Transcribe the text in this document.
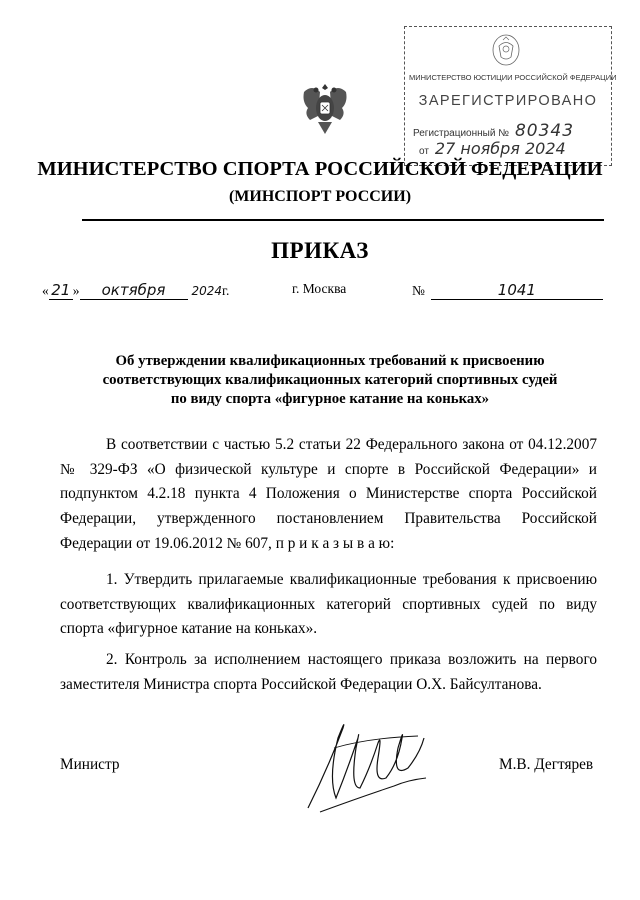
МИНИСТЕРСТВО ЮСТИЦИИ РОССИЙСКОЙ ФЕДЕРАЦИИ
ЗАРЕГИСТРИРОВАНО
Регистрационный № 80343
от 27 ноября 2024
МИНИСТЕРСТВО СПОРТА РОССИЙСКОЙ ФЕДЕРАЦИИ
(МИНСПОРТ РОССИИ)
ПРИКАЗ
« 21 » октября 2024г.	г. Москва	№	1041
Об утверждении квалификационных требований к присвоению
соответствующих квалификационных категорий спортивных судей
по виду спорта «фигурное катание на коньках»
В соответствии с частью 5.2 статьи 22 Федерального закона от 04.12.2007 № 329-ФЗ «О физической культуре и спорте в Российской Федерации» и подпунктом 4.2.18 пункта 4 Положения о Министерстве спорта Российской Федерации, утвержденного постановлением Правительства Российской Федерации от 19.06.2012 № 607, п р и к а з ы в а ю:
1. Утвердить прилагаемые квалификационные требования к присвоению соответствующих квалификационных категорий спортивных судей по виду спорта «фигурное катание на коньках».
2. Контроль за исполнением настоящего приказа возложить на первого заместителя Министра спорта Российской Федерации О.Х. Байсултанова.
Министр	М.В. Дегтярев
